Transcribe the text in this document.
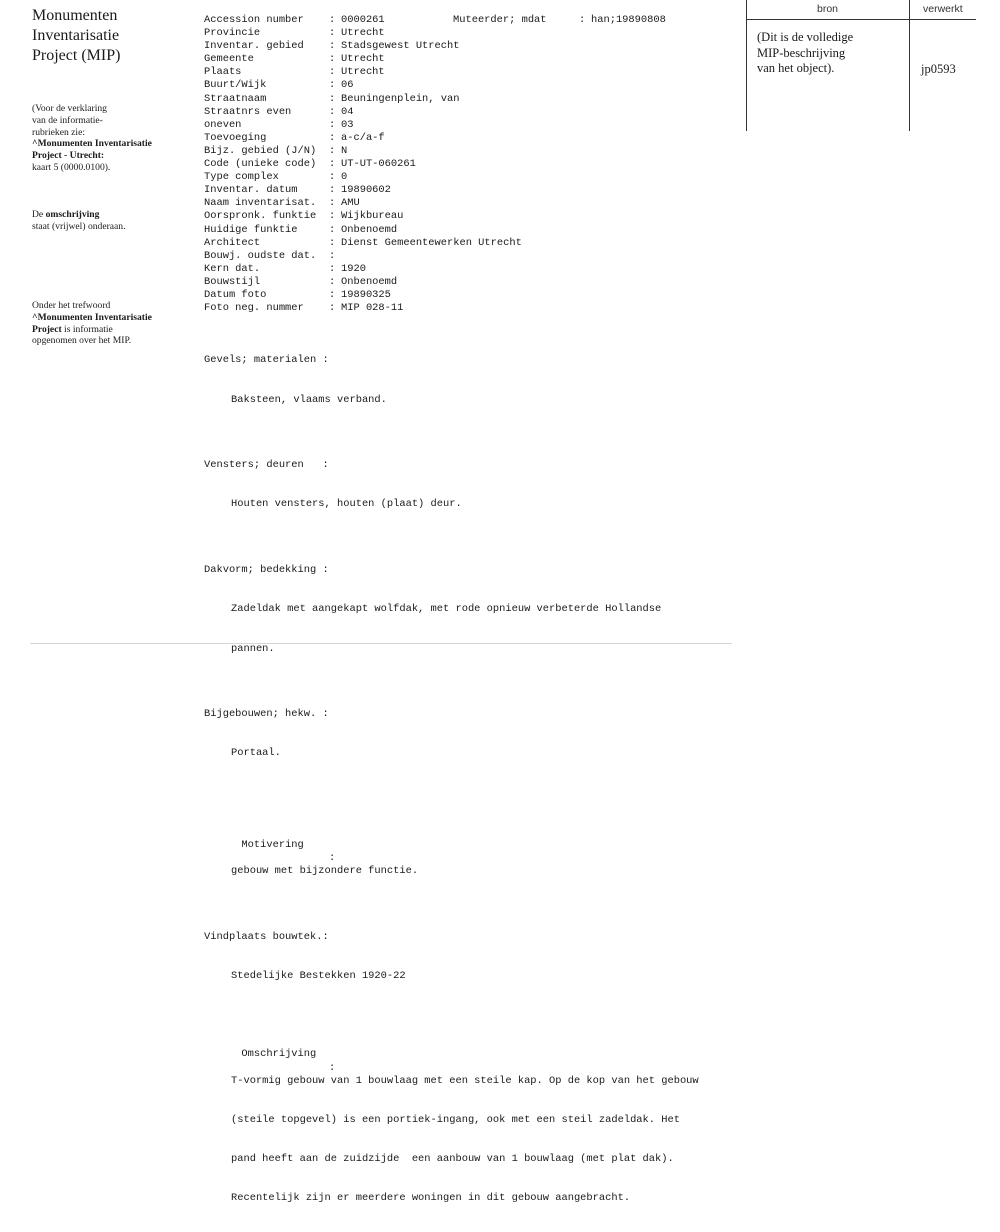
Monumenten
Inventarisatie
Project (MIP)
(Voor de verklaring
van de informatie-
rubrieken zie:
^Monumenten Inventarisatie
Project - Utrecht:
kaart 5 (0000.0100).
De omschrijving
staat (vrijwel) onderaan.
Onder het trefwoord
^Monumenten Inventarisatie
Project is informatie
opgenomen over het MIP.
Accession number : 0000261	Muteerder; mdat	: han;19890808
Provincie	: Utrecht
Inventar. gebied : Stadsgewest Utrecht
Gemeente	: Utrecht
Plaats	: Utrecht
Buurt/Wijk	: 06
Straatnaam	: Beuningenplein, van
Straatnrs even	: 04
oneven	: 03
Toevoeging	: a-c/a-f
Bijz. gebied (J/N) : N
Code (unieke code) : UT-UT-060261
Type complex	: 0
Inventar. datum	: 19890602
Naam inventarisat. : AMU
Oorspronk. funktie : Wijkbureau
Huidige funktie	: Onbenoemd
Architect	: Dienst Gemeentewerken Utrecht
Bouwj. oudste dat. :
Kern dat.	: 1920
Bouwstijl	: Onbenoemd
Datum foto	: 19890325
Foto neg. nummer : MIP 028-11

Gevels; materialen :

Baksteen, vlaams verband.

Vensters; deuren   :

Houten vensters, houten (plaat) deur.

Dakvorm; bedekking :

Zadeldak met aangekapt wolfdak, met rode opnieuw verbeterde Hollandse

pannen.

Bijgebouwen; hekw. :

Portaal.

Motivering

:

gebouw met bijzondere functie.

Vindplaats bouwtek.:

Stedelijke Bestekken 1920-22

Omschrijving

:

T-vormig gebouw van 1 bouwlaag met een steile kap. Op de kop van het gebouw

(steile topgevel) is een portiek-ingang, ook met een steil zadeldak. Het

pand heeft aan de zuidzijde  een aanbouw van 1 bouwlaag (met plat dak).

Recentelijk zijn er meerdere woningen in dit gebouw aangebracht.

bron	verwerkt
(Dit is de volledige
MIP-beschrijving
van het object).	jp0593
